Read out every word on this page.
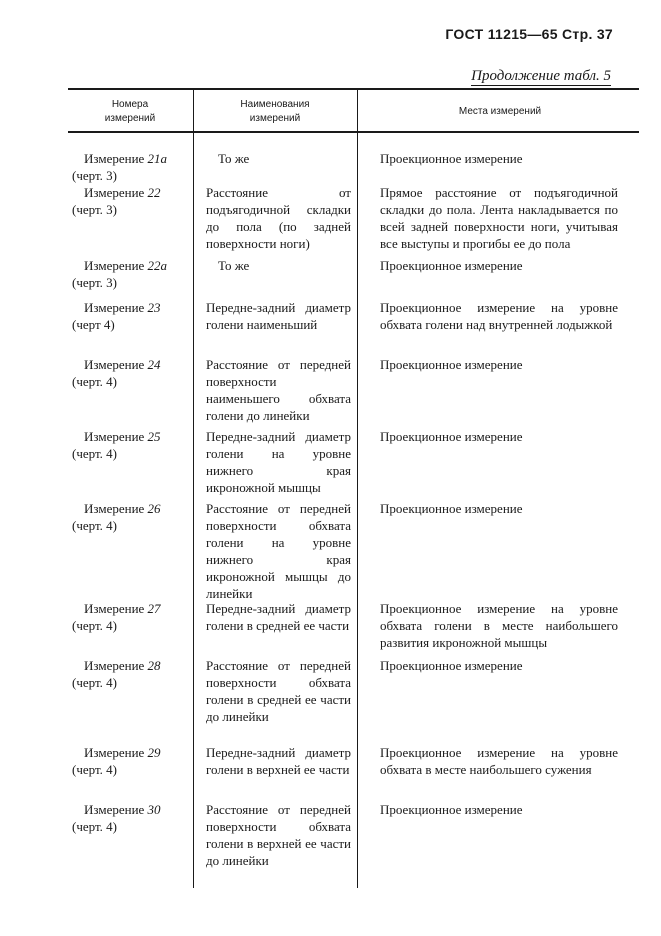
ГОСТ 11215—65 Стр. 37
Продолжение табл. 5
Номера измерений
Наименования измерений
Места измерений
Измерение 21а
(черт. 3)
То же	Проекционное измерение
Измерение 22
(черт. 3)
Расстояние от подъягодичной складки до пола (по задней поверхности ноги)
Прямое расстояние от подъягодичной складки до пола. Лента накладывается по всей задней поверхности ноги, учитывая все выступы и прогибы ее до пола
Измерение 22а
(черт. 3)
То же	Проекционное измерение
Измерение 23
(черт 4)
Передне-задний диаметр голени наименьший
Проекционное измерение на уровне обхвата голени над внутренней лодыжкой
Измерение 24
(черт. 4)
Расстояние от передней поверхности наименьшего обхвата голени до линейки
Проекционное измерение
Измерение 25
(черт. 4)
Передне-задний диаметр голени на уровне нижнего края икроножной мышцы
Проекционное измерение
Измерение 26
(черт. 4)
Расстояние от передней поверхности обхвата голени на уровне нижнего края икроножной мышцы до линейки
Проекционное измерение
Измерение 27
(черт. 4)
Передне-задний диаметр голени в средней ее части
Проекционное измерение на уровне обхвата голени в месте наибольшего развития икроножной мышцы
Измерение 28
(черт. 4)
Расстояние от передней поверхности обхвата голени в средней ее части до линейки
Проекционное измерение
Измерение 29
(черт. 4)
Передне-задний диаметр голени в верхней ее части
Проекционное измерение на уровне обхвата в месте наибольшего сужения
Измерение 30
(черт. 4)
Расстояние от передней поверхности обхвата голени в верхней ее части до линейки
Проекционное измерение
